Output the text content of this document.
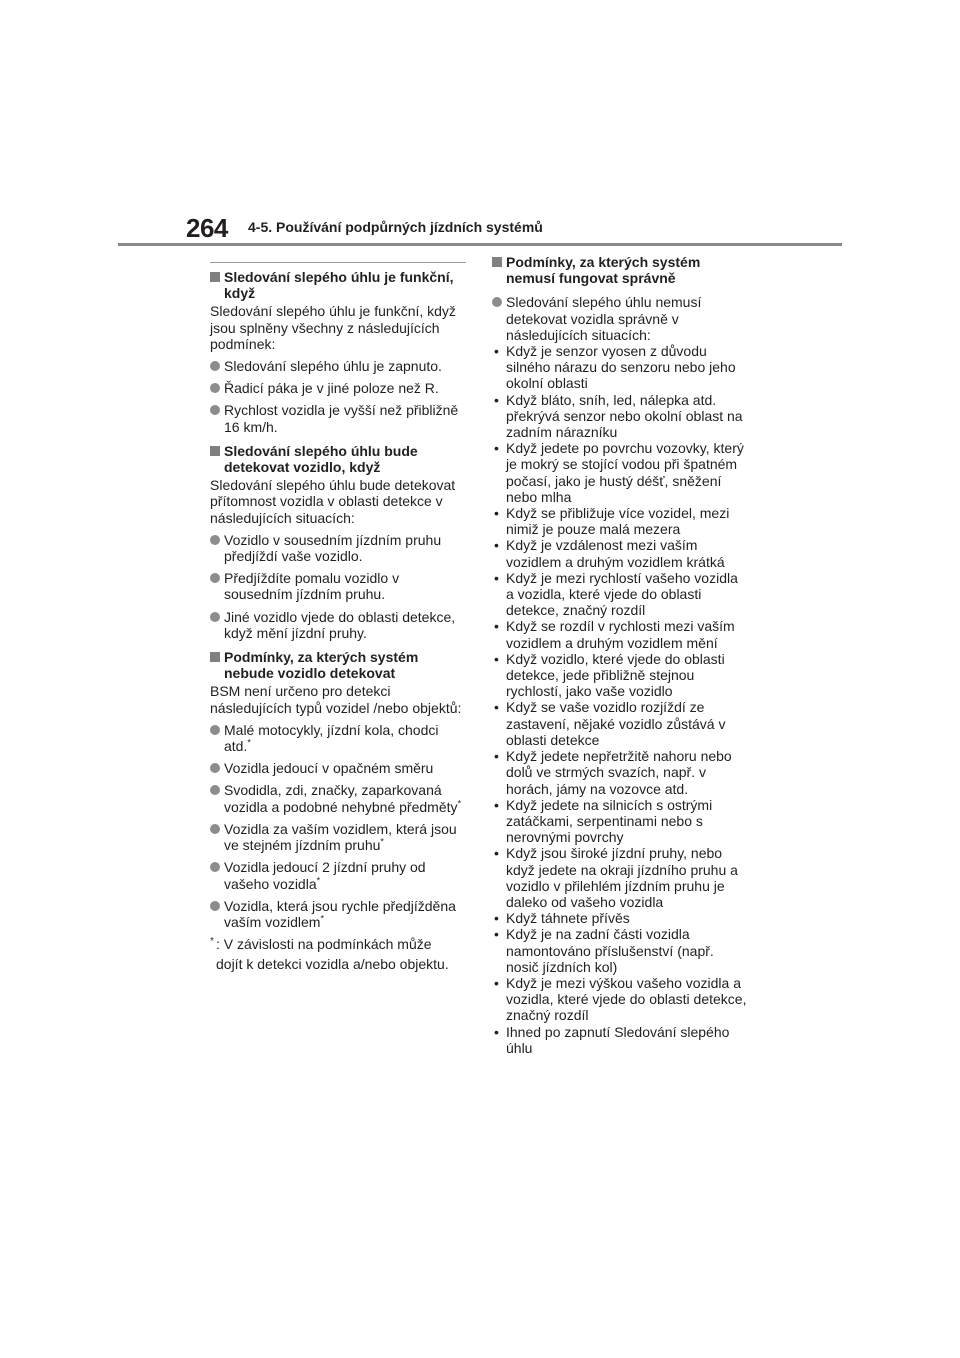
264 4-5. Používání podpůrných jízdních systémů
Sledování slepého úhlu je funkční, když
Sledování slepého úhlu je funkční, když jsou splněny všechny z následujících podmínek:
Sledování slepého úhlu je zapnuto.
Řadicí páka je v jiné poloze než R.
Rychlost vozidla je vyšší než přibližně 16 km/h.
Sledování slepého úhlu bude detekovat vozidlo, když
Sledování slepého úhlu bude detekovat přítomnost vozidla v oblasti detekce v následujících situacích:
Vozidlo v sousedním jízdním pruhu předjíždí vaše vozidlo.
Předjíždíte pomalu vozidlo v sousedním jízdním pruhu.
Jiné vozidlo vjede do oblasti detekce, když mění jízdní pruhy.
Podmínky, za kterých systém nebude vozidlo detekovat
BSM není určeno pro detekci následujících typů vozidel /nebo objektů:
Malé motocykly, jízdní kola, chodci atd.*
Vozidla jedoucí v opačném směru
Svodidla, zdi, značky, zaparkovaná vozidla a podobné nehybné předměty*
Vozidla za vaším vozidlem, která jsou ve stejném jízdním pruhu*
Vozidla jedoucí 2 jízdní pruhy od vašeho vozidla*
Vozidla, která jsou rychle předjížděna vaším vozidlem*
* : V závislosti na podmínkách může dojít k detekci vozidla a/nebo objektu.
Podmínky, za kterých systém nemusí fungovat správně
Sledování slepého úhlu nemusí detekovat vozidla správně v následujících situacích:
• Když je senzor vyosen z důvodu silného nárazu do senzoru nebo jeho okolní oblasti
• Když bláto, sníh, led, nálepka atd. překrývá senzor nebo okolní oblast na zadním nárazníku
• Když jedete po povrchu vozovky, který je mokrý se stojící vodou při špatném počasí, jako je hustý déšť, sněžení nebo mlha
• Když se přibližuje více vozidel, mezi nimiž je pouze malá mezera
• Když je vzdálenost mezi vaším vozidlem a druhým vozidlem krátká
• Když je mezi rychlostí vašeho vozidla a vozidla, které vjede do oblasti detekce, značný rozdíl
• Když se rozdíl v rychlosti mezi vaším vozidlem a druhým vozidlem mění
• Když vozidlo, které vjede do oblasti detekce, jede přibližně stejnou rychlostí, jako vaše vozidlo
• Když se vaše vozidlo rozjíždí ze zastavení, nějaké vozidlo zůstává v oblasti detekce
• Když jedete nepřetržitě nahoru nebo dolů ve strmých svazích, např. v horách, jámy na vozovce atd.
• Když jedete na silnicích s ostrými zatáčkami, serpentinami nebo s nerovnými povrchy
• Když jsou široké jízdní pruhy, nebo když jedete na okraji jízdního pruhu a vozidlo v přilehlém jízdním pruhu je daleko od vašeho vozidla
• Když táhnete přívěs
• Když je na zadní části vozidla namontováno příslušenství (např. nosič jízdních kol)
• Když je mezi výškou vašeho vozidla a vozidla, které vjede do oblasti detekce, značný rozdíl
• Ihned po zapnutí Sledování slepého úhlu
